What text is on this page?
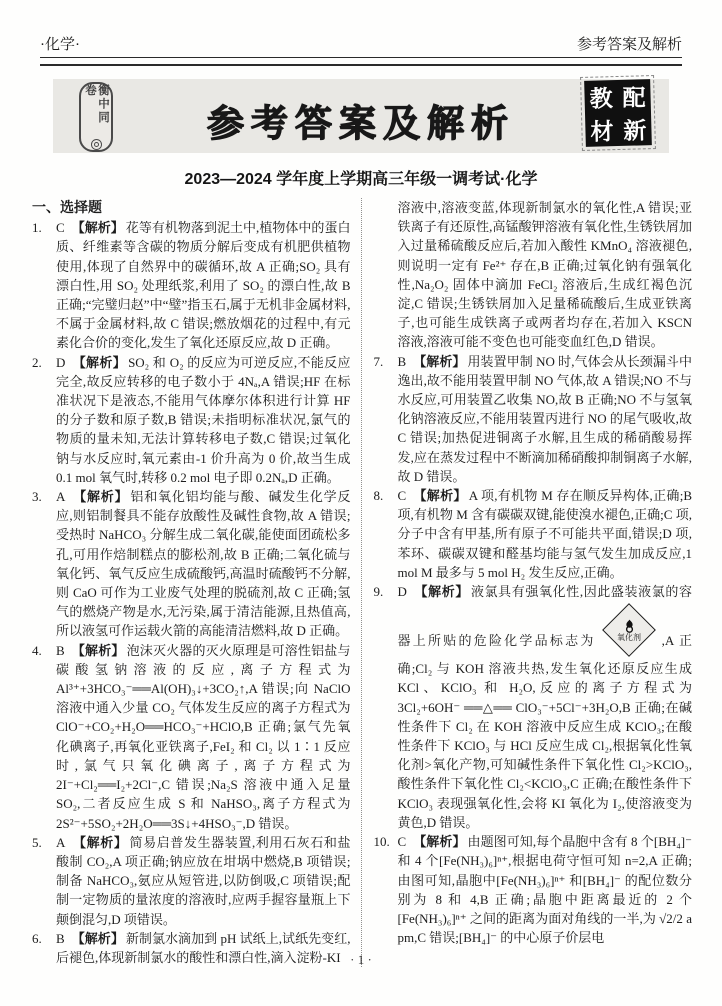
·化学·	参考答案及解析
衡中同卷
参考答案及解析
教 配
材 新
2023—2024 学年度上学期高三年级一调考试·化学
一、选择题
1.	C 【解析】 花等有机物落到泥土中,植物体中的蛋白质、纤维素等含碳的物质分解后变成有机肥供植物使用,体现了自然界中的碳循环,故 A 正确;SO₂ 具有漂白性,用 SO₂ 处理纸浆,利用了 SO₂ 的漂白性,故 B 正确;“完璧归赵”中“璧”指玉石,属于无机非金属材料,不属于金属材料,故 C 错误;燃放烟花的过程中,有元素化合价的变化,发生了氧化还原反应,故 D 正确。
2.	D 【解析】 SO₂ 和 O₂ 的反应为可逆反应,不能反应完全,故反应转移的电子数小于 4Nₐ,A 错误;HF 在标准状况下是液态,不能用气体摩尔体积进行计算 HF 的分子数和原子数,B 错误;未指明标准状况,氯气的物质的量未知,无法计算转移电子数,C 错误;过氧化钠与水反应时,氧元素由-1 价升高为 0 价,故当生成 0.1 mol 氧气时,转移 0.2 mol 电子即 0.2Nₐ,D 正确。
3.	A 【解析】 铝和氧化铝均能与酸、碱发生化学反应,则铝制餐具不能存放酸性及碱性食物,故 A 错误;受热时 NaHCO₃ 分解生成二氧化碳,能使面团疏松多孔,可用作焙制糕点的膨松剂,故 B 正确;二氧化硫与氧化钙、氧气反应生成硫酸钙,高温时硫酸钙不分解,则 CaO 可作为工业废气处理的脱硫剂,故 C 正确;氢气的燃烧产物是水,无污染,属于清洁能源,且热值高,所以液氢可作运载火箭的高能清洁燃料,故 D 正确。
4.	B 【解析】 泡沫灭火器的灭火原理是可溶性铝盐与碳酸氢钠溶液的反应,离子方程式为 Al³⁺+3HCO₃⁻══Al(OH)₃↓+3CO₂↑,A 错误;向 NaClO 溶液中通入少量 CO₂ 气体发生反应的离子方程式为 ClO⁻+CO₂+H₂O══HCO₃⁻+HClO,B 正确;氯气先氧化碘离子,再氧化亚铁离子,FeI₂ 和 Cl₂ 以 1∶1 反应时,氯气只氧化碘离子,离子方程式为 2I⁻+Cl₂══I₂+2Cl⁻,C 错误;Na₂S 溶液中通入足量 SO₂,二者反应生成 S 和 NaHSO₃,离子方程式为 2S²⁻+5SO₂+2H₂O══3S↓+4HSO₃⁻,D 错误。
5.	A 【解析】 简易启普发生器装置,利用石灰石和盐酸制 CO₂,A 项正确;钠应放在坩埚中燃烧,B 项错误;制备 NaHCO₃,氨应从短管进,以防倒吸,C 项错误;配制一定物质的量浓度的溶液时,应两手握容量瓶上下颠倒混匀,D 项错误。
6.	B 【解析】 新制氯水滴加到 pH 试纸上,试纸先变红,后褪色,体现新制氯水的酸性和漂白性,滴入淀粉-KI
溶液中,溶液变蓝,体现新制氯水的氧化性,A 错误;亚铁离子有还原性,高锰酸钾溶液有氧化性,生锈铁屑加入过量稀硫酸反应后,若加入酸性 KMnO₄ 溶液褪色,则说明一定有 Fe²⁺ 存在,B 正确;过氧化钠有强氧化性,Na₂O₂ 固体中滴加 FeCl₂ 溶液后,生成红褐色沉淀,C 错误;生锈铁屑加入足量稀硫酸后,生成亚铁离子,也可能生成铁离子或两者均存在,若加入 KSCN 溶液,溶液可能不变色也可能变血红色,D 错误。
7.	B 【解析】 用装置甲制 NO 时,气体会从长颈漏斗中逸出,故不能用装置甲制 NO 气体,故 A 错误;NO 不与水反应,可用装置乙收集 NO,故 B 正确;NO 不与氢氧化钠溶液反应,不能用装置丙进行 NO 的尾气吸收,故 C 错误;加热促进铜离子水解,且生成的稀硝酸易挥发,应在蒸发过程中不断滴加稀硝酸抑制铜离子水解,故 D 错误。
8.	C 【解析】 A 项,有机物 M 存在顺反异构体,正确;B 项,有机物 M 含有碳碳双键,能使溴水褪色,正确;C 项,分子中含有甲基,所有原子不可能共平面,错误;D 项,苯环、碳碳双键和醛基均能与氢气发生加成反应,1 mol M 最多与 5 mol H₂ 发生反应,正确。
9.	D 【解析】 液氯具有强氧化性,因此盛装液氯的容器上所贴的危险化学品标志为	氧化剂 ,A 正确;Cl₂ 与 KOH 溶液共热,发生氧化还原反应生成 KCl、KClO₃ 和 H₂O,反应的离子方程式为 3Cl₂+6OH⁻ ══△══ ClO₃⁻+5Cl⁻+3H₂O,B 正确;在碱性条件下 Cl₂ 在 KOH 溶液中反应生成 KClO₃;在酸性条件下 KClO₃ 与 HCl 反应生成 Cl₂,根据氧化性氧化剂>氧化产物,可知碱性条件下氧化性 Cl₂>KClO₃,酸性条件下氧化性 Cl₂<KClO₃,C 正确;在酸性条件下 KClO₃ 表现强氧化性,会将 KI 氧化为 I₂,使溶液变为黄色,D 错误。
10. C 【解析】 由题图可知,每个晶胞中含有 8 个[BH₄]⁻ 和 4 个[Fe(NH₃)₆]ⁿ⁺,根据电荷守恒可知 n=2,A 正确;由图可知,晶胞中[Fe(NH₃)₆]ⁿ⁺ 和[BH₄]⁻ 的配位数分别为 8 和 4,B 正确;晶胞中距离最近的 2 个[Fe(NH₃)₆]ⁿ⁺ 之间的距离为面对角线的一半,为 √2/2 a pm,C 错误;[BH₄]⁻ 的中心原子价层电
· 1 ·
